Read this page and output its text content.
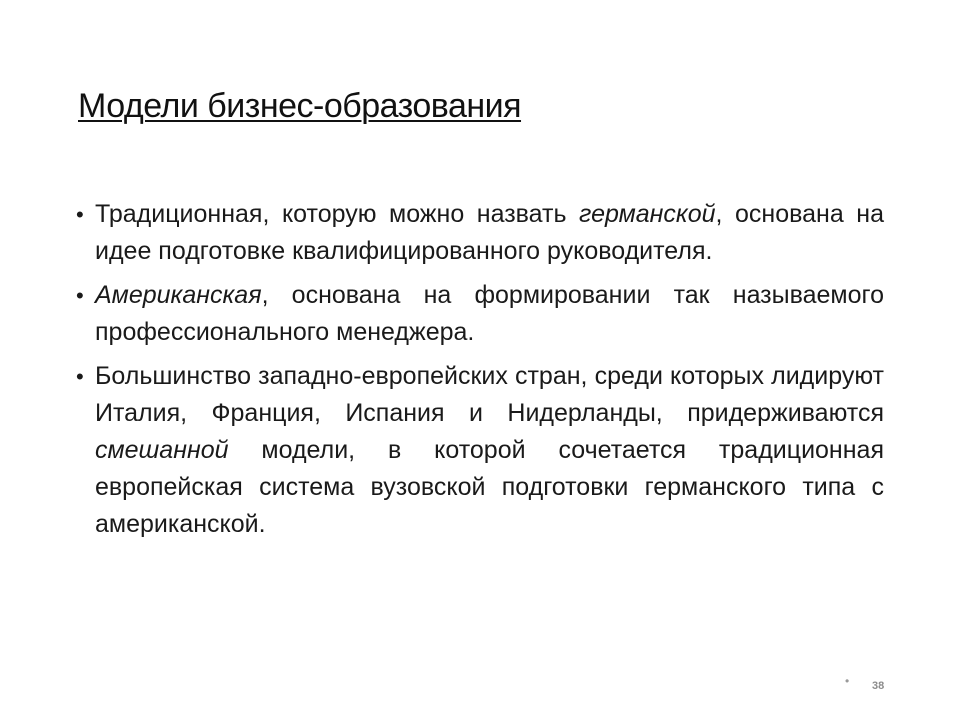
Модели бизнес-образования
• Традиционная, которую можно назвать германской, основана на идее подготовке квалифицированного руководителя.
• Американская, основана на формировании так называемого профессионального менеджера.
• Большинство западно-европейских стран, среди которых лидируют Италия, Франция, Испания и Нидерланды, придерживаются  смешанной модели, в которой сочетается традиционная европейская система вузовской подготовки германского типа с американской.
• 38
